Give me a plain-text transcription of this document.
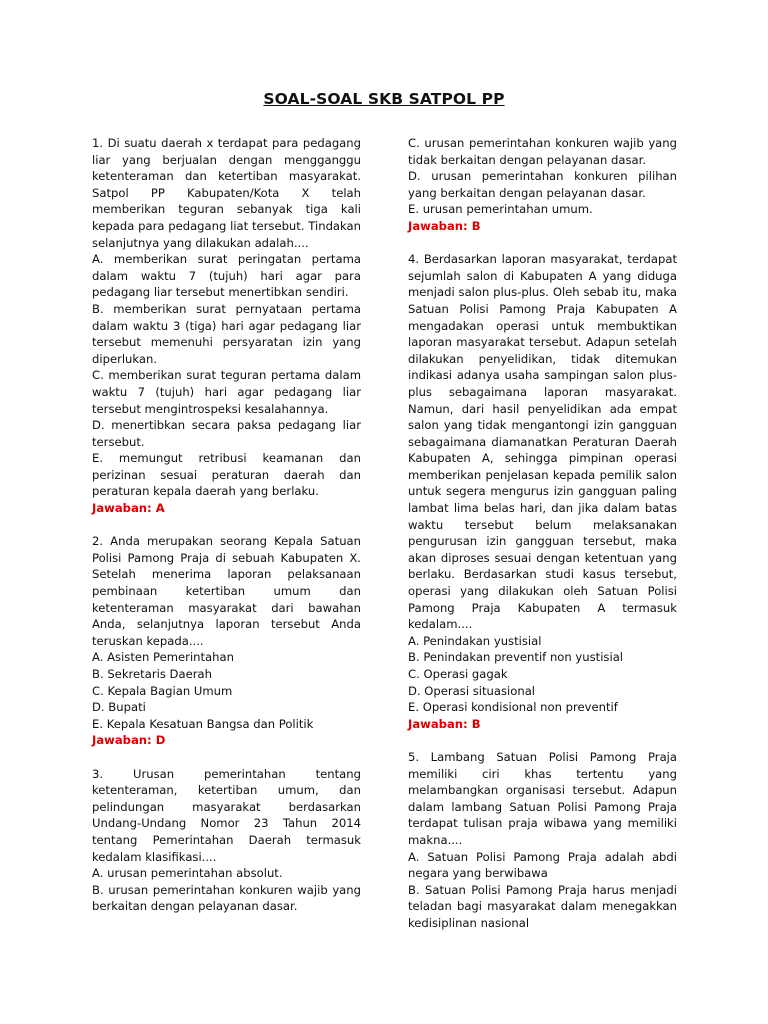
SOAL-SOAL SKB SATPOL PP
1. Di suatu daerah x terdapat para pedagang liar yang berjualan dengan mengganggu ketenteraman dan ketertiban masyarakat. Satpol PP Kabupaten/Kota X telah memberikan teguran sebanyak tiga kali kepada para pedagang liat tersebut. Tindakan selanjutnya yang dilakukan adalah....
A. memberikan surat peringatan pertama dalam waktu 7 (tujuh) hari agar para pedagang liar tersebut menertibkan sendiri.
B. memberikan surat pernyataan pertama dalam waktu 3 (tiga) hari agar pedagang liar tersebut memenuhi persyaratan izin yang diperlukan.
C. memberikan surat teguran pertama dalam waktu 7 (tujuh) hari agar pedagang liar tersebut mengintrospeksi kesalahannya.
D. menertibkan secara paksa pedagang liar tersebut.
E. memungut retribusi keamanan dan perizinan sesuai peraturan daerah dan peraturan kepala daerah yang berlaku.
Jawaban: A
2. Anda merupakan seorang Kepala Satuan Polisi Pamong Praja di sebuah Kabupaten X. Setelah menerima laporan pelaksanaan pembinaan ketertiban umum dan ketenteraman masyarakat dari bawahan Anda, selanjutnya laporan tersebut Anda teruskan kepada....
A. Asisten Pemerintahan
B. Sekretaris Daerah
C. Kepala Bagian Umum
D. Bupati
E. Kepala Kesatuan Bangsa dan Politik
Jawaban: D
3. Urusan pemerintahan tentang ketenteraman, ketertiban umum, dan pelindungan masyarakat berdasarkan Undang-Undang Nomor 23 Tahun 2014 tentang Pemerintahan Daerah termasuk kedalam klasifikasi....
A. urusan pemerintahan absolut.
B. urusan pemerintahan konkuren wajib yang berkaitan dengan pelayanan dasar.
C. urusan pemerintahan konkuren wajib yang tidak berkaitan dengan pelayanan dasar.
D. urusan pemerintahan konkuren pilihan yang berkaitan dengan pelayanan dasar.
E. urusan pemerintahan umum.
Jawaban: B
4. Berdasarkan laporan masyarakat, terdapat sejumlah salon di Kabupaten A yang diduga menjadi salon plus-plus. Oleh sebab itu, maka Satuan Polisi Pamong Praja Kabupaten A mengadakan operasi untuk membuktikan laporan masyarakat tersebut. Adapun setelah dilakukan penyelidikan, tidak ditemukan indikasi adanya usaha sampingan salon plus-plus sebagaimana laporan masyarakat. Namun, dari hasil penyelidikan ada empat salon yang tidak mengantongi izin gangguan sebagaimana diamanatkan Peraturan Daerah Kabupaten A, sehingga pimpinan operasi memberikan penjelasan kepada pemilik salon untuk segera mengurus izin gangguan paling lambat lima belas hari, dan jika dalam batas waktu tersebut belum melaksanakan pengurusan izin gangguan tersebut, maka akan diproses sesuai dengan ketentuan yang berlaku. Berdasarkan studi kasus tersebut, operasi yang dilakukan oleh Satuan Polisi Pamong Praja Kabupaten A termasuk kedalam....
A. Penindakan yustisial
B. Penindakan preventif non yustisial
C. Operasi gagak
D. Operasi situasional
E. Operasi kondisional non preventif
Jawaban: B
5. Lambang Satuan Polisi Pamong Praja memiliki ciri khas tertentu yang melambangkan organisasi tersebut. Adapun dalam lambang Satuan Polisi Pamong Praja terdapat tulisan praja wibawa yang memiliki makna....
A. Satuan Polisi Pamong Praja adalah abdi negara yang berwibawa
B. Satuan Polisi Pamong Praja harus menjadi teladan bagi masyarakat dalam menegakkan kedisiplinan nasional
